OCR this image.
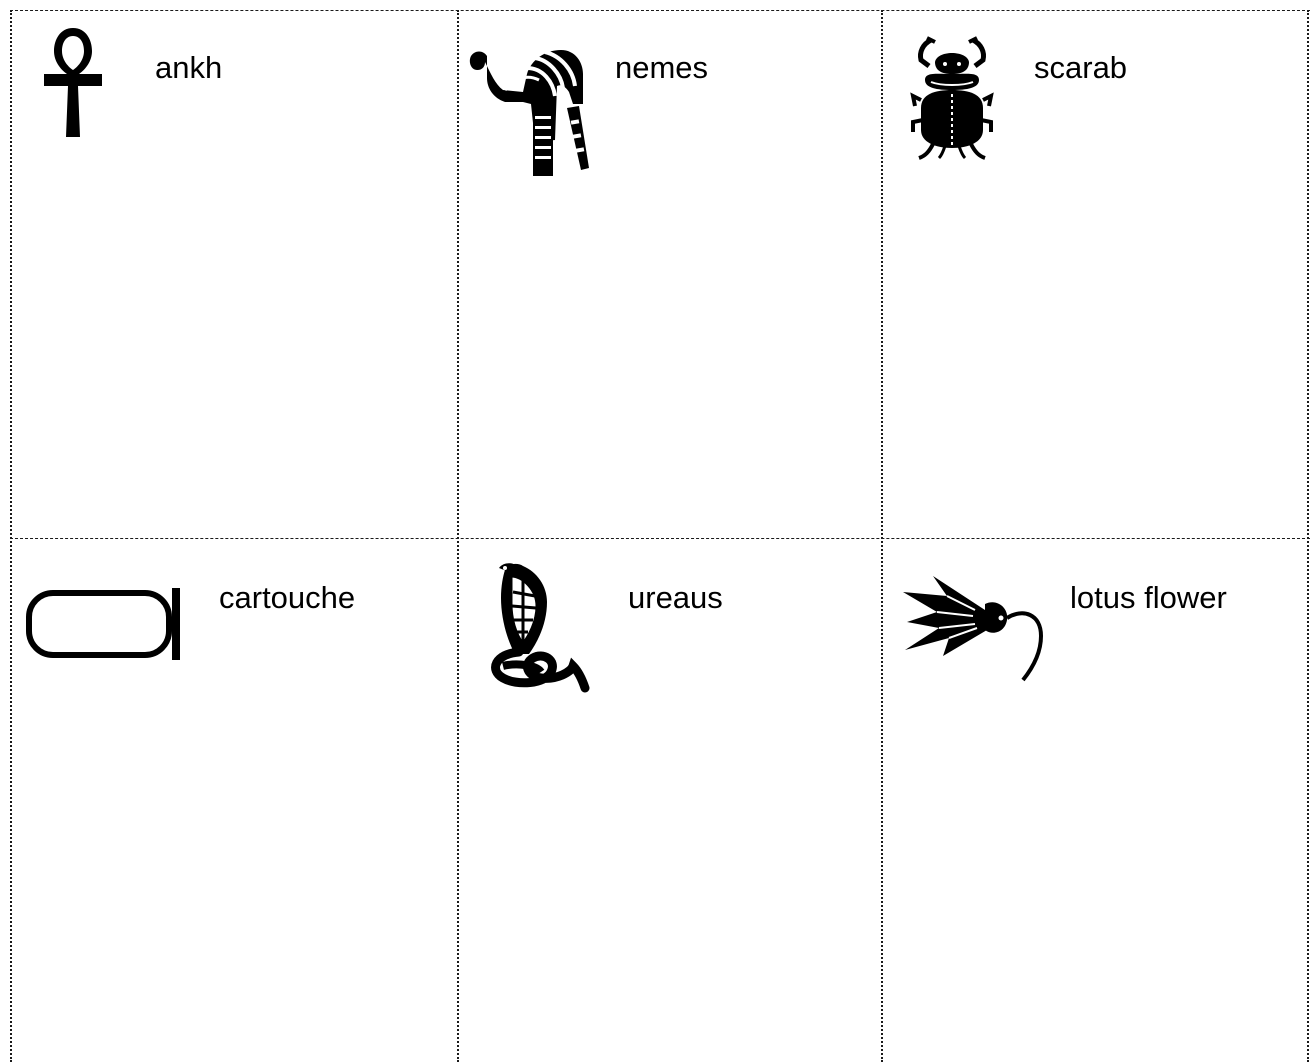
ankh	nemes	scarab
cartouche	ureaus	lotus flower
